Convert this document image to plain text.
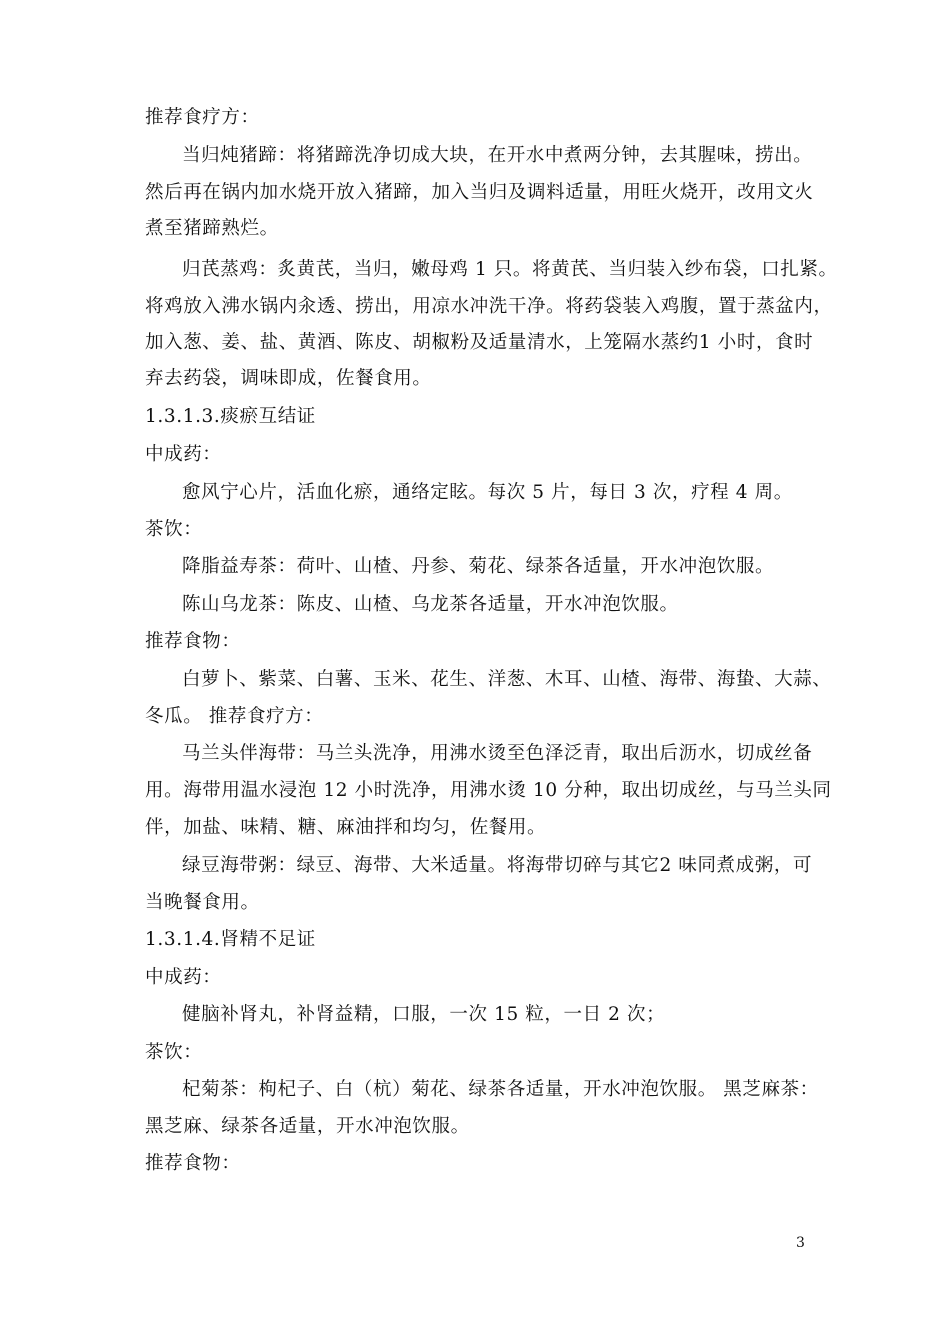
推荐食疗方：
当归炖猪蹄：将猪蹄洗净切成大块，在开水中煮两分钟，去其腥味，捞出。
然后再在锅内加水烧开放入猪蹄，加入当归及调料适量，用旺火烧开，改用文火
煮至猪蹄熟烂。
归芪蒸鸡：炙黄芪，当归，嫩母鸡 1 只。将黄芪、当归装入纱布袋，口扎紧。
将鸡放入沸水锅内汆透、捞出，用凉水冲洗干净。将药袋装入鸡腹，置于蒸盆内，
加入葱、姜、盐、黄酒、陈皮、胡椒粉及适量清水，上笼隔水蒸约1 小时，食时
弃去药袋，调味即成，佐餐食用。
1.3.1.3.痰瘀互结证
中成药：
愈风宁心片，活血化瘀，通络定眩。每次 5 片，每日 3 次，疗程 4 周。
茶饮：
降脂益寿茶：荷叶、山楂、丹参、菊花、绿茶各适量，开水冲泡饮服。
陈山乌龙茶：陈皮、山楂、乌龙茶各适量，开水冲泡饮服。
推荐食物：
白萝卜、紫菜、白薯、玉米、花生、洋葱、木耳、山楂、海带、海蛰、大蒜、
冬瓜。 推荐食疗方：
马兰头伴海带：马兰头洗净，用沸水烫至色泽泛青，取出后沥水，切成丝备
用。海带用温水浸泡 12 小时洗净，用沸水烫 10 分种，取出切成丝，与马兰头同
伴，加盐、味精、糖、麻油拌和均匀，佐餐用。
绿豆海带粥：绿豆、海带、大米适量。将海带切碎与其它2 味同煮成粥，可
当晚餐食用。
1.3.1.4.肾精不足证
中成药：
健脑补肾丸，补肾益精，口服，一次 15 粒，一日 2 次；
茶饮：
杞菊茶：枸杞子、白（杭）菊花、绿茶各适量，开水冲泡饮服。 黑芝麻茶：
黑芝麻、绿茶各适量，开水冲泡饮服。
推荐食物：
3
